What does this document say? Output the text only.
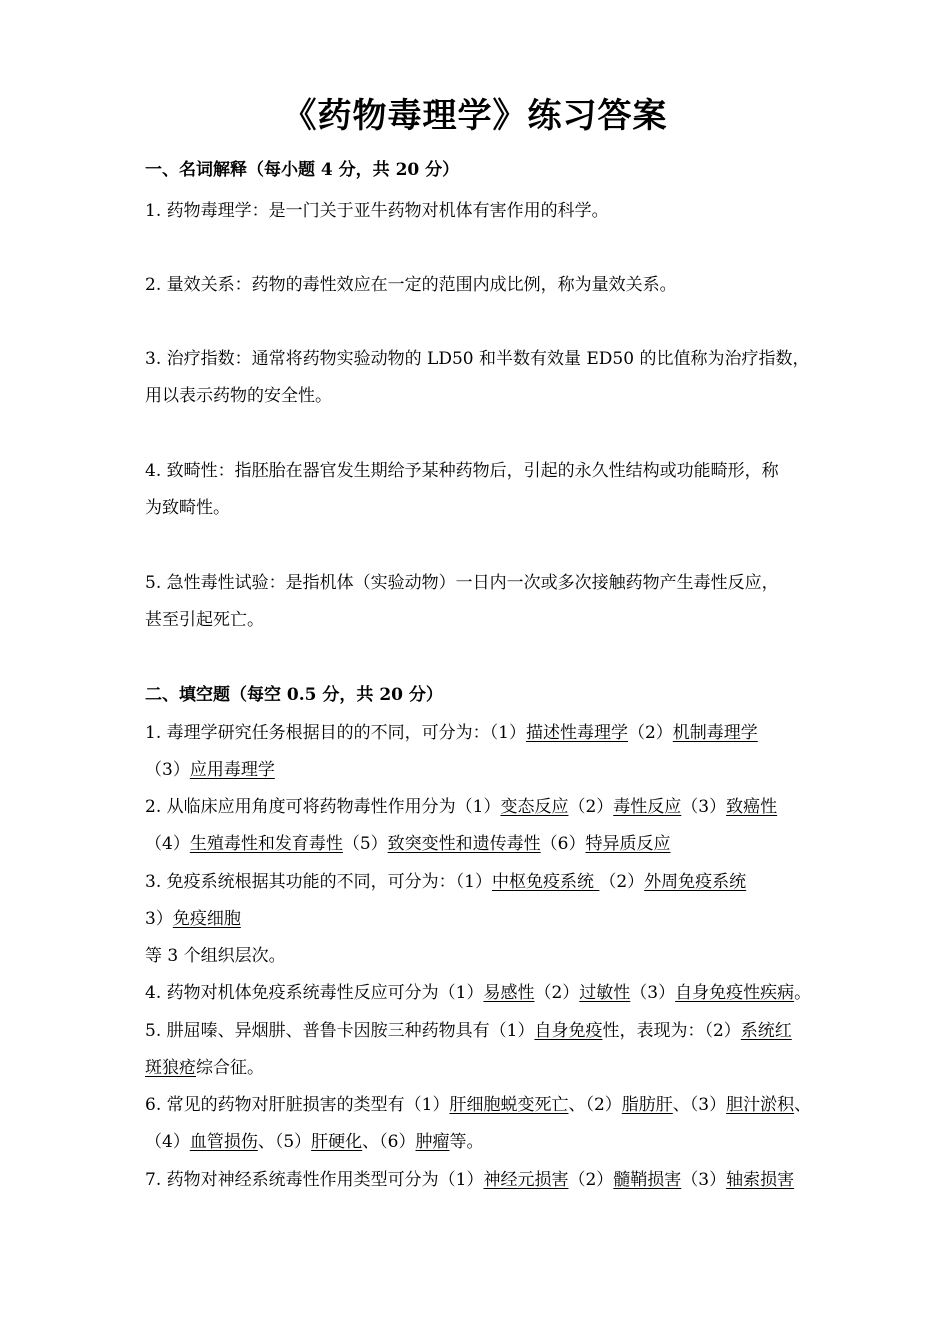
《药物毒理学》练习答案

一、名词解释（每小题 4 分，共 20 分）

1. 药物毒理学：是一门关于亚牛药物对机体有害作用的科学。

2. 量效关系：药物的毒性效应在一定的范围内成比例，称为量效关系。

3. 治疗指数：通常将药物实验动物的 LD50 和半数有效量 ED50 的比值称为治疗指数，

用以表示药物的安全性。

4. 致畸性：指胚胎在器官发生期给予某种药物后，引起的永久性结构或功能畸形，称

为致畸性。

5. 急性毒性试验：是指机体（实验动物）一日内一次或多次接触药物产生毒性反应，

甚至引起死亡。

二、填空题（每空 0.5 分，共 20 分）

1. 毒理学研究任务根据目的的不同，可分为：（1）描述性毒理学（2）机制毒理学

（3）应用毒理学

2. 从临床应用角度可将药物毒性作用分为（1）变态反应（2）毒性反应（3）致癌性

（4）生殖毒性和发育毒性（5）致突变性和遗传毒性（6）特异质反应

3. 免疫系统根据其功能的不同，可分为：（1）中枢免疫系统 （2）外周免疫系统

3）免疫细胞

等 3 个组织层次。

4. 药物对机体免疫系统毒性反应可分为（1）易感性（2）过敏性（3）自身免疫性疾病。

5. 肼屈嗪、异烟肼、普鲁卡因胺三种药物具有（1）自身免疫性，表现为：（2）系统红

斑狼疮综合征。

6. 常见的药物对肝脏损害的类型有（1）肝细胞蜕变死亡、（2）脂肪肝、（3）胆汁淤积、

（4）血管损伤、（5）肝硬化、（6）肿瘤等。

7. 药物对神经系统毒性作用类型可分为（1）神经元损害（2）髓鞘损害（3）轴索损害
